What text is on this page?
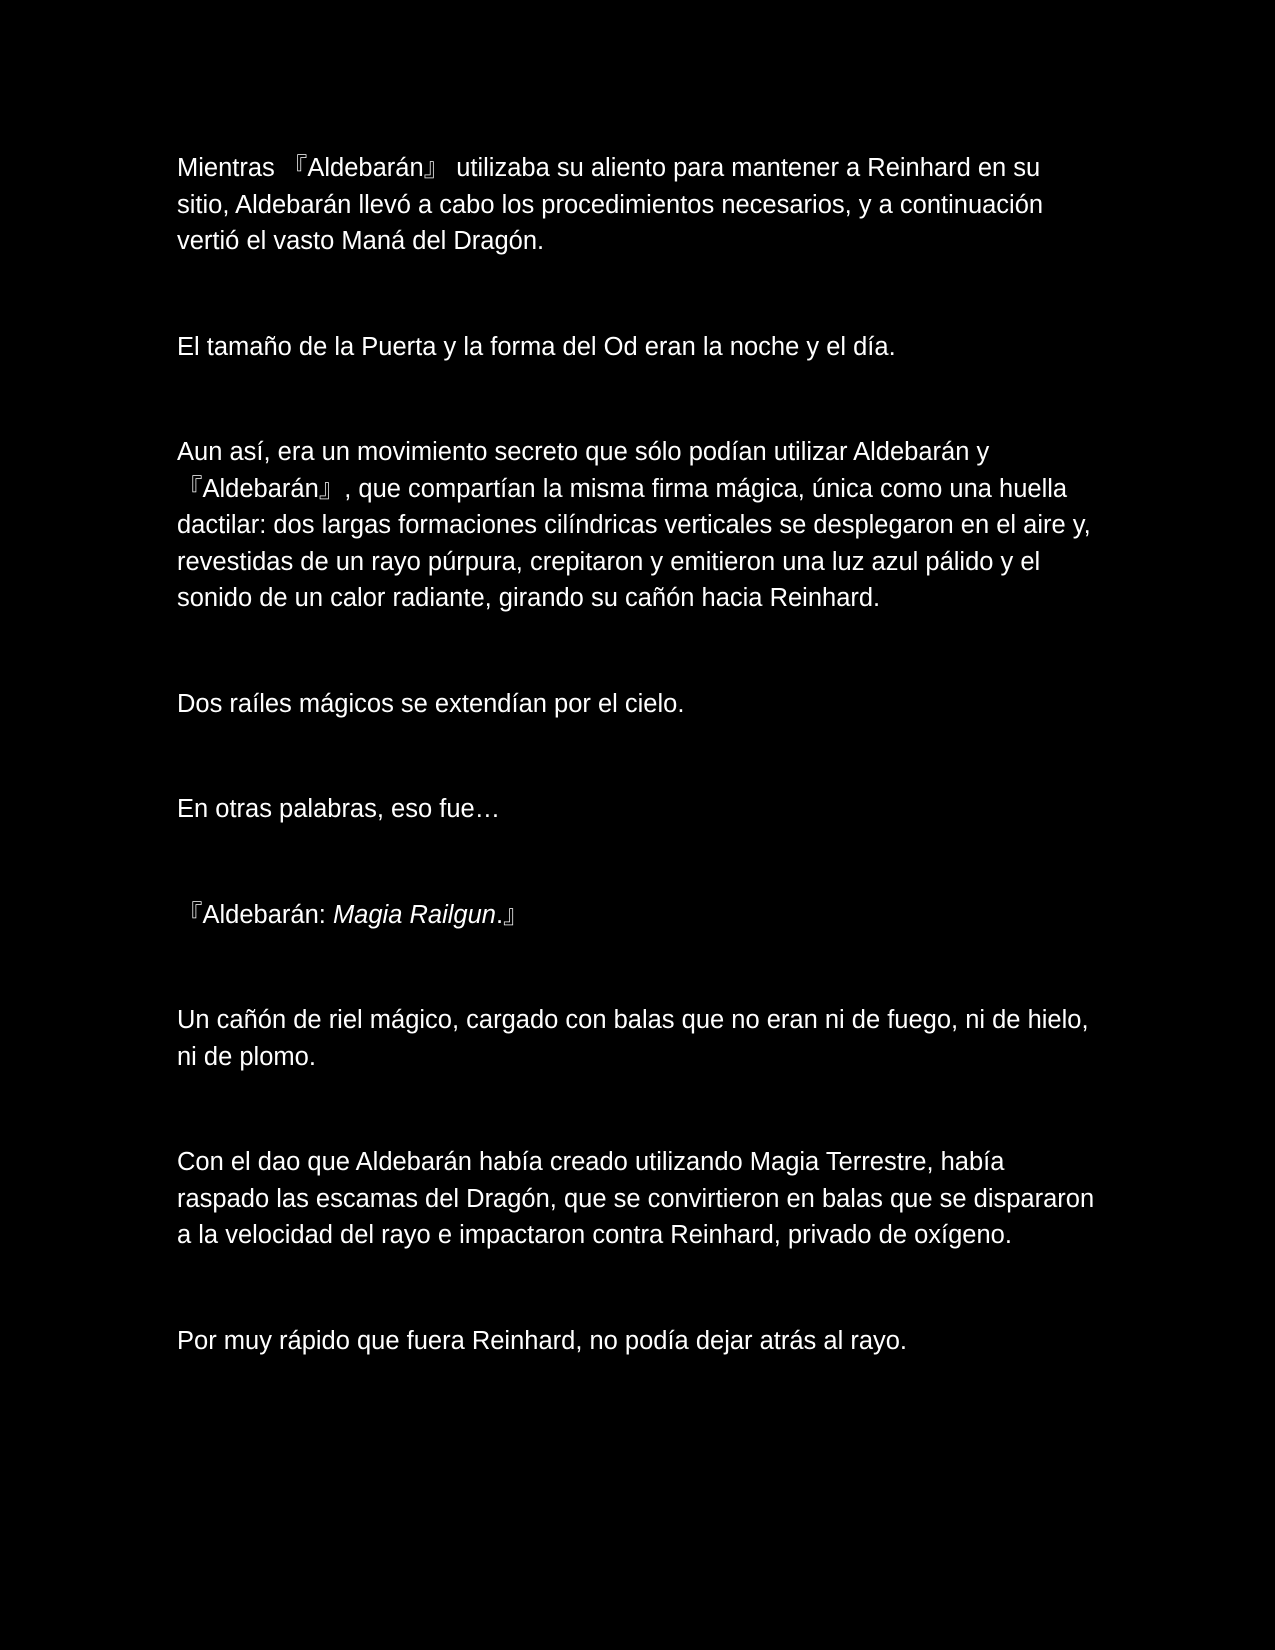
Mientras 『Aldebarán』 utilizaba su aliento para mantener a Reinhard en su sitio, Aldebarán llevó a cabo los procedimientos necesarios, y a continuación vertió el vasto Maná del Dragón.

El tamaño de la Puerta y la forma del Od eran la noche y el día.

Aun así, era un movimiento secreto que sólo podían utilizar Aldebarán y 『Aldebarán』, que compartían la misma firma mágica, única como una huella dactilar: dos largas formaciones cilíndricas verticales se desplegaron en el aire y, revestidas de un rayo púrpura, crepitaron y emitieron una luz azul pálido y el sonido de un calor radiante, girando su cañón hacia Reinhard.

Dos raíles mágicos se extendían por el cielo.

En otras palabras, eso fue…

『Aldebarán: Magia Railgun.』

Un cañón de riel mágico, cargado con balas que no eran ni de fuego, ni de hielo, ni de plomo.

Con el dao que Aldebarán había creado utilizando Magia Terrestre, había raspado las escamas del Dragón, que se convirtieron en balas que se dispararon a la velocidad del rayo e impactaron contra Reinhard, privado de oxígeno.

Por muy rápido que fuera Reinhard, no podía dejar atrás al rayo.
